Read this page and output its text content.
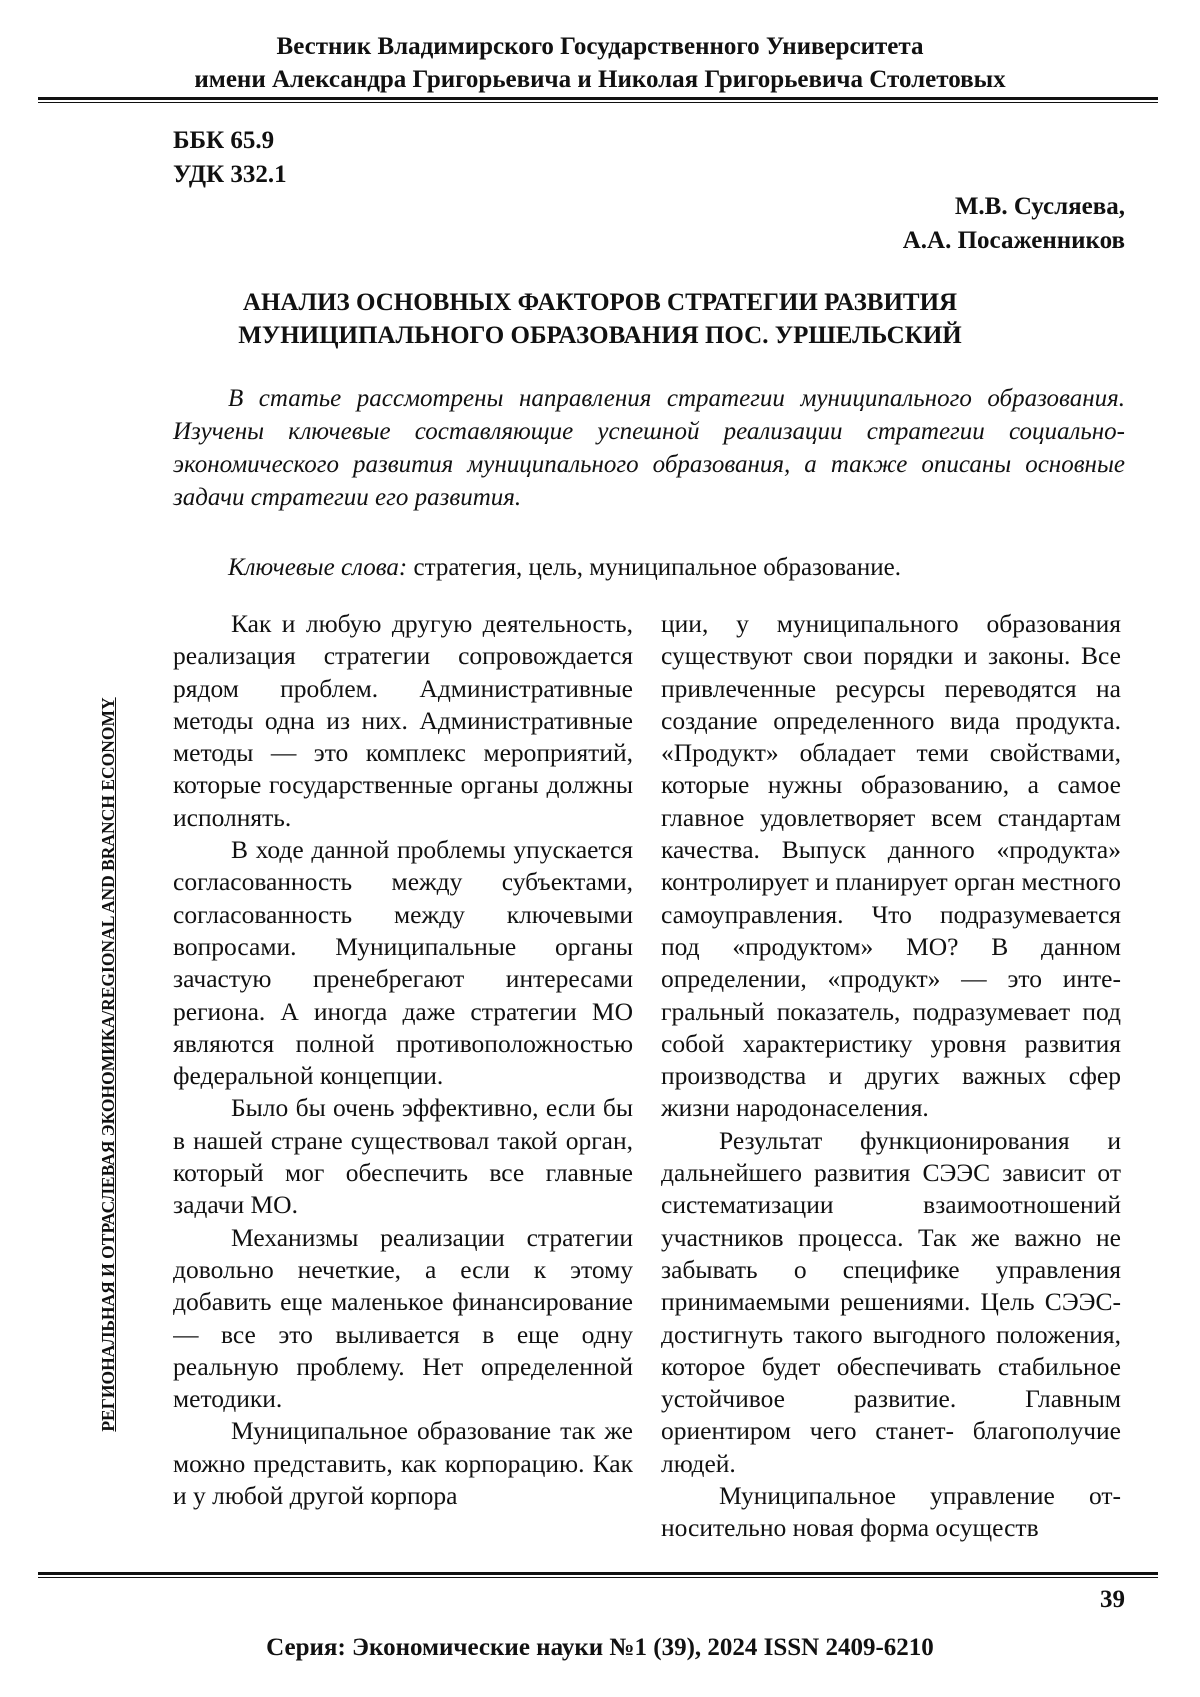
Вестник Владимирского Государственного Университета
имени Александра Григорьевича и Николая Григорьевича Столетовых
ББК 65.9
УДК 332.1
М.В. Сусляева,
А.А. Посаженников
АНАЛИЗ ОСНОВНЫХ ФАКТОРОВ СТРАТЕГИИ РАЗВИТИЯ
МУНИЦИПАЛЬНОГО ОБРАЗОВАНИЯ ПОС. УРШЕЛЬСКИЙ

В статье рассмотрены направления стратегии муниципального обра­зования. Изучены ключевые составляющие успешной реализации стратегии социально-экономического развития муниципального образования, а также описаны основные задачи стратегии его развития.

Ключевые слова: стратегия, цель, муниципальное образование.

РЕГИОНАЛЬНАЯ И ОТРАСЛЕВАЯ ЭКОНОМИКА/REGIONAL AND BRANCH ECONOMY

Как и любую другую деятель­ность, реализация стратегии сопро­вождается рядом проблем. Админи­стративные методы одна из них. Ад­министративные методы — это ком­плекс мероприятий, которые госу­дарственные органы должны испол­нять.

В ходе данной проблемы упус­кается согласованность между субъ­ектами, согласованность между клю­чевыми вопросами. Муниципальные органы зачастую пренебрегают инте­ресами региона. А иногда даже стра­тегии МО являются полной противо­положностью федеральной концеп­ции.

Было бы очень эффективно, если бы в нашей стране существовал та­кой орган, который мог обеспечить все главные задачи МО.

Механизмы реализации страте­гии довольно нечеткие, а если к это­му добавить еще маленькое финан­сирование — все это выливается в еще одну реальную проблему. Нет определенной методики.

Муниципальное образование так же можно представить, как корпора­цию. Как и у любой другой корпора­

ции, у муниципального образования существуют свои порядки и законы. Все привлеченные ресурсы перево­дятся на создание определенного ви­да продукта. «Продукт» обладает те­ми свойствами, которые нужны обра­зованию, а самое главное удовлетво­ряет всем стандартам качества. Вы­пуск данного «продукта» контроли­рует и планирует орган местного са­моуправления. Что подразумевается под «продуктом» МО? В данном определении, «продукт» — это инте­гральный показатель, подразумевает под собой характеристику уровня развития производства и других важ­ных сфер жизни народонаселения.

Результат функционирования и дальнейшего развития СЭЭС зависит от систематизации взаимоотношений участников процесса. Так же важно не забывать о специфике управления принимаемыми решениями. Цель СЭЭС- достигнуть такого выгодного положения, которое будет обеспечи­вать стабильное устойчивое разви­тие. Главным ориентиром чего ста­нет- благополучие людей.

Муниципальное управление от­носительно новая форма осуществ­

39
Серия: Экономические науки №1 (39), 2024 ISSN 2409-6210
